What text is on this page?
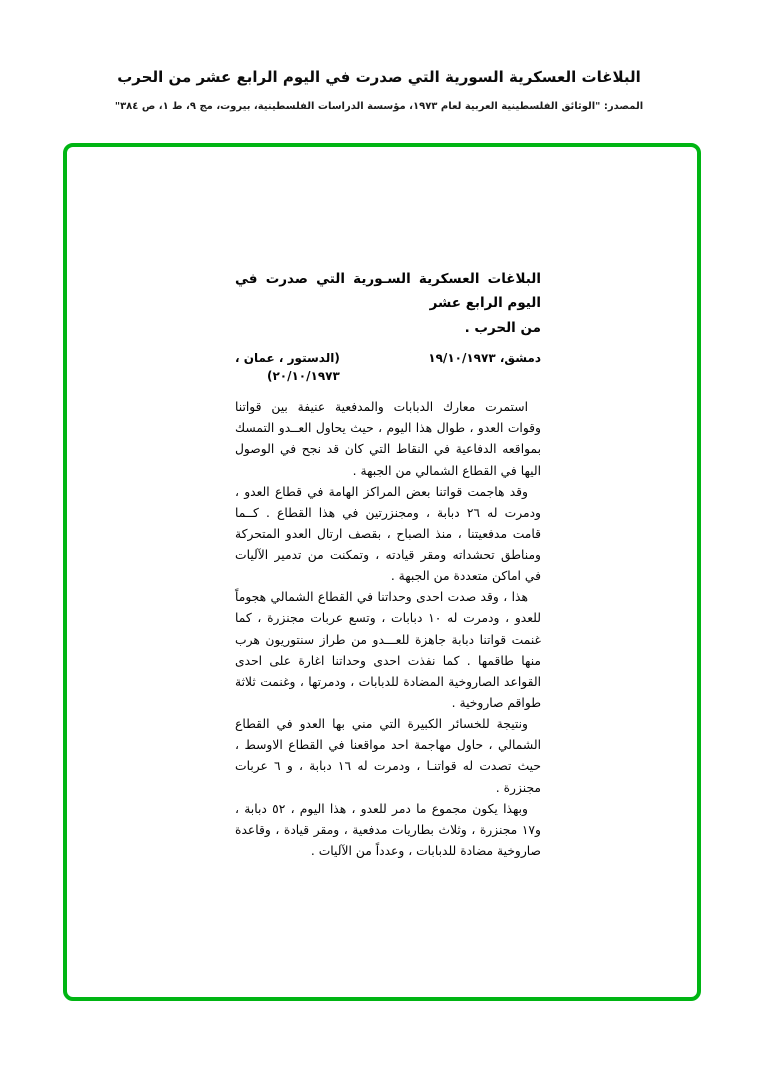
البلاغات العسكرية السورية التي صدرت في اليوم الرابع عشر من الحرب
المصدر: "الوثائق الفلسطينية العربية لعام ١٩٧٣، مؤسسة الدراسات الفلسطينية، بيروت، مج ٩، ط ١، ص ٣٨٤"
البلاغات العسكرية السـورية التي صدرت في اليوم الرابع عشر
من الحرب .
دمشق، ١٩/١٠/١٩٧٣
(الدستور ، عمان ،
٢٠/١٠/١٩٧٣)

استمرت معارك الدبابات والمدفعية عنيفة بين قواتنا وقوات العدو ، طوال هذا اليوم ، حيث يحاول العــدو التمسك بمواقعه الدفاعية في النقاط التي كان قد نجح في الوصول اليها في القطاع الشمالي من الجبهة .

وقد هاجمت قواتنا بعض المراكز الهامة في قطاع العدو ، ودمرت له ٢٦ دبابة ، ومجنزرتين في هذا القطاع . كــما قامت مدفعيتنا ، منذ الصباح ، بقصف ارتال العدو المتحركة ومناطق تحشداته ومقر قيادته ، وتمكنت من تدمير الآليات في اماكن متعددة من الجبهة .

هذا ، وقد صدت احدى وحداتنا في القطاع الشمالي هجوماً للعدو ، ودمرت له ١٠ دبابات ، وتسع عربات مجنزرة ، كما غنمت قواتنا دبابة جاهزة للعـــدو من طراز سنتوريون هرب منها طاقمها . كما نفذت احدى وحداتنا اغارة على احدى القواعد الصاروخية المضادة للدبابات ، ودمرتها ، وغنمت ثلاثة طواقم صاروخية .

ونتيجة للخسائر الكبيرة التي مني بها العدو في القطاع الشمالي ، حاول مهاجمة احد مواقعنا في القطاع الاوسط ، حيث تصدت له قواتنـا ، ودمرت له ١٦ دبابة ، و ٦ عربات مجنزرة .

وبهذا يكون مجموع ما دمر للعدو ، هذا اليوم ، ٥٢ دبابة ، و١٧ مجنزرة ، وثلاث بطاريات مدفعية ، ومقر قيادة ، وقاعدة صاروخية مضادة للدبابات ، وعدداً من الآليات .
